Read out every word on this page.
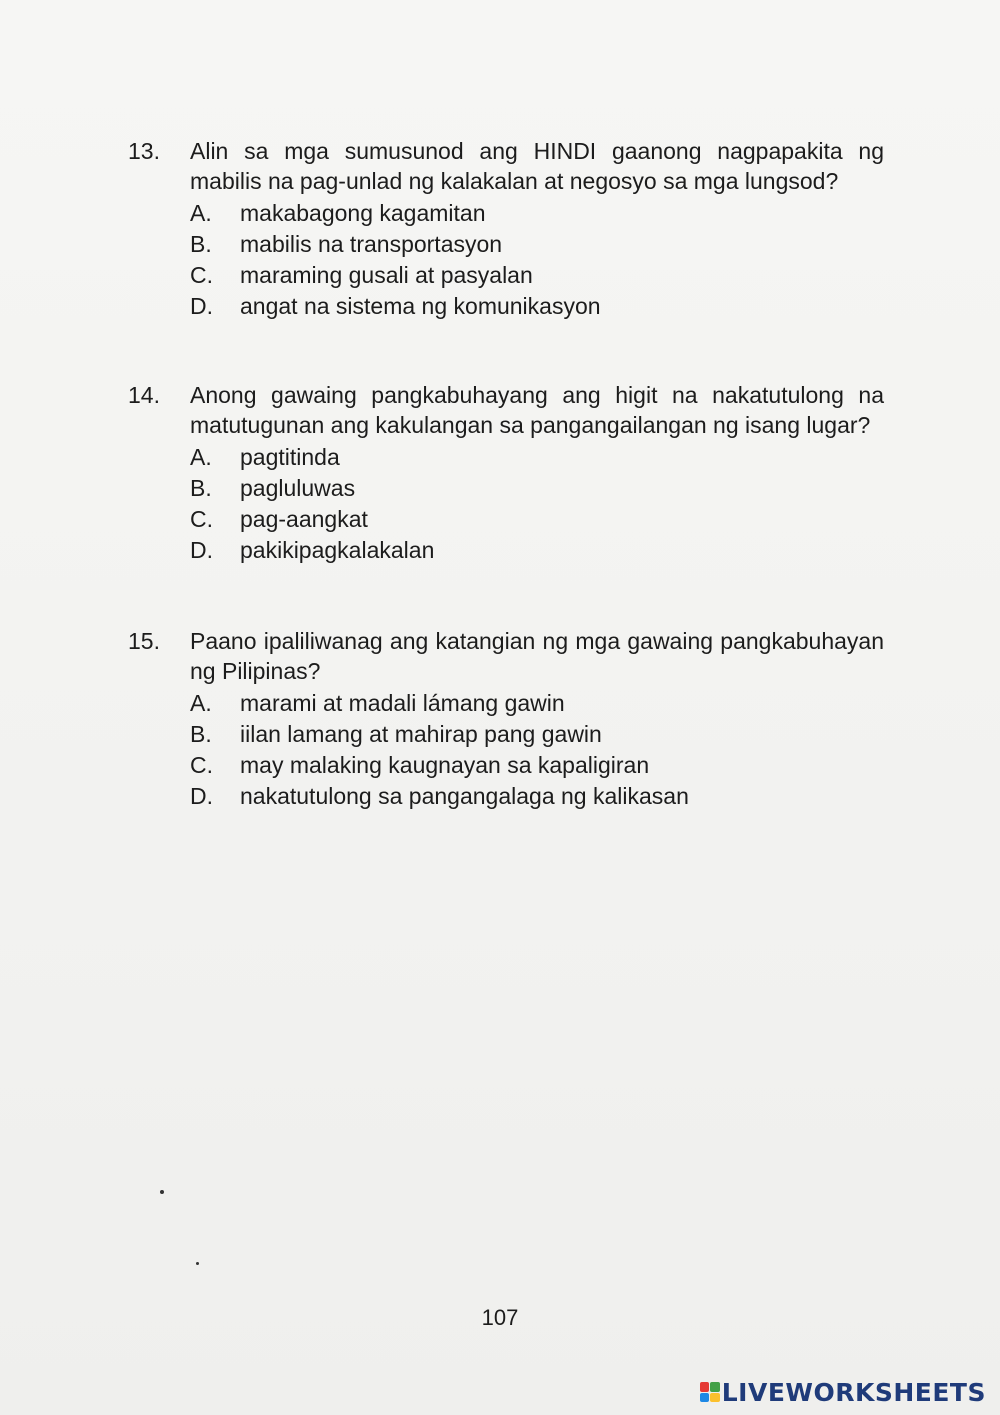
13.	Alin sa mga sumusunod ang HINDI gaanong nagpapakita ng mabilis na pag-unlad ng kalakalan at negosyo sa mga lungsod?
A.	makabagong kagamitan
B.	mabilis na transportasyon
C.	maraming gusali at pasyalan
D.	angat na sistema ng komunikasyon
14.	Anong gawaing pangkabuhayang ang higit na nakatutulong na matutugunan ang kakulangan sa pangangailangan ng isang lugar?
A.	pagtitinda
B.	pagluluwas
C.	pag-aangkat
D.	pakikipagkalakalan
15.	Paano ipaliliwanag ang katangian ng mga gawaing pangkabuhayan ng Pilipinas?
A.	marami at madali lámang gawin
B.	iilan lamang at mahirap pang gawin
C.	may malaking kaugnayan sa kapaligiran
D.	nakatutulong sa pangangalaga ng kalikasan
107
LIVEWORKSHEETS
